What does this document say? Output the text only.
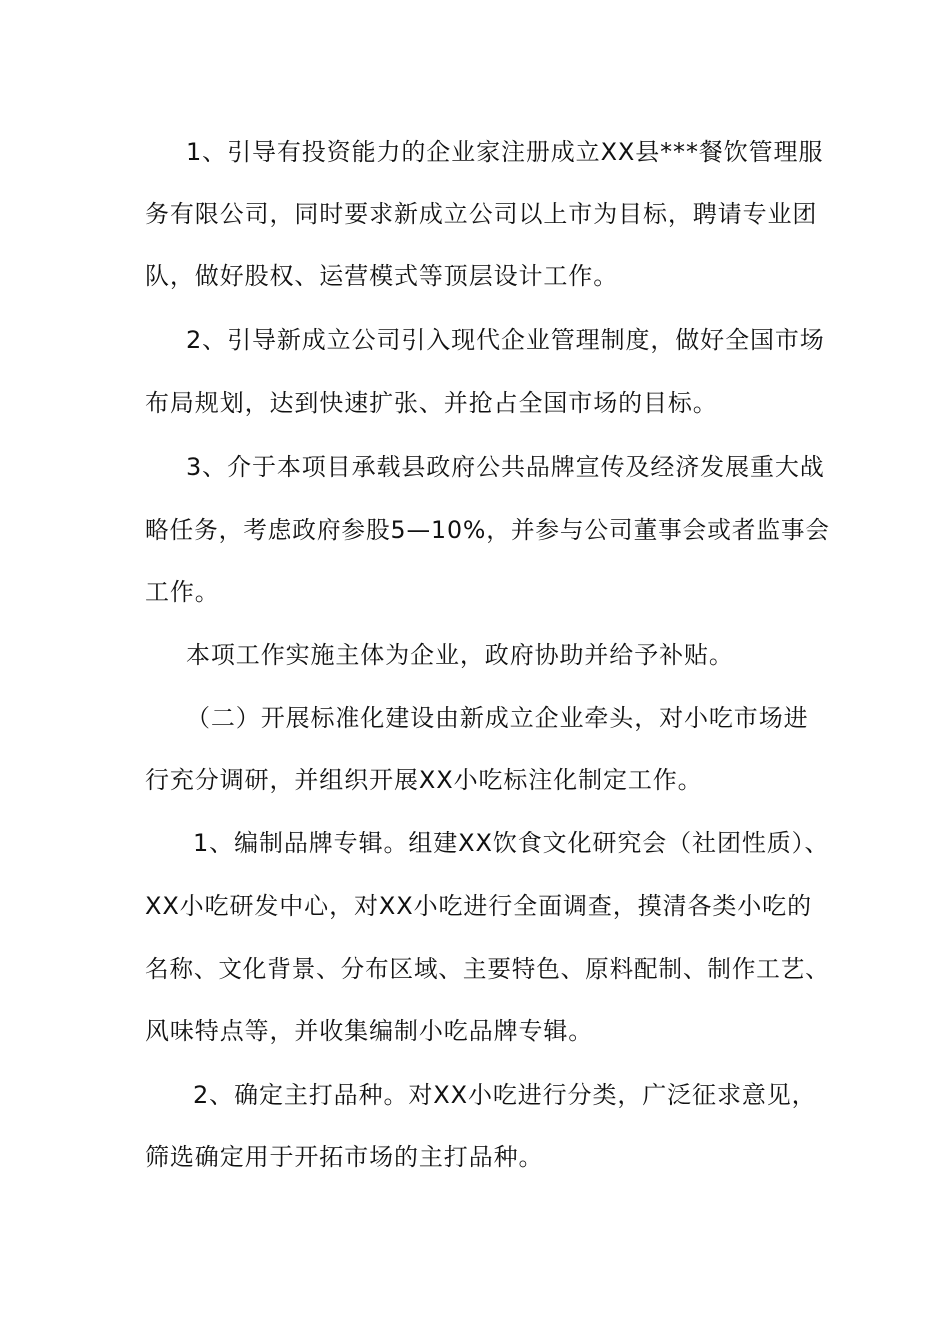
1、引导有投资能力的企业家注册成立XX县***餐饮管理服

务有限公司，同时要求新成立公司以上市为目标，聘请专业团

队，做好股权、运营模式等顶层设计工作。

2、引导新成立公司引入现代企业管理制度，做好全国市场

布局规划，达到快速扩张、并抢占全国市场的目标。

3、介于本项目承载县政府公共品牌宣传及经济发展重大战

略任务，考虑政府参股5—10%，并参与公司董事会或者监事会

工作。

本项工作实施主体为企业，政府协助并给予补贴。

（二）开展标准化建设由新成立企业牵头，对小吃市场进

行充分调研，并组织开展XX小吃标注化制定工作。

1、编制品牌专辑。组建XX饮食文化研究会（社团性质）、

XX小吃研发中心，对XX小吃进行全面调查，摸清各类小吃的

名称、文化背景、分布区域、主要特色、原料配制、制作工艺、

风味特点等，并收集编制小吃品牌专辑。

2、确定主打品种。对XX小吃进行分类，广泛征求意见，

筛选确定用于开拓市场的主打品种。
